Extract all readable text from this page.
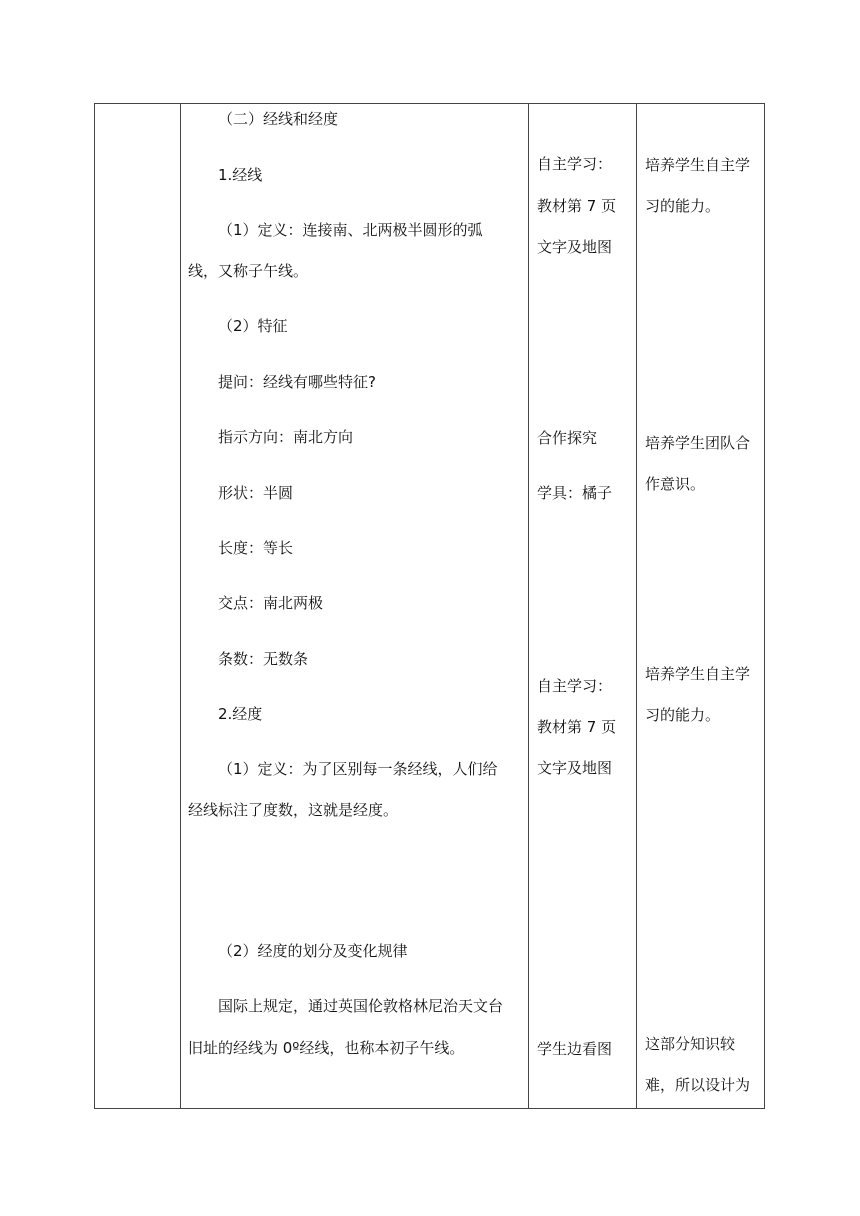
（二）经线和经度
1.经线
（1）定义：连接南、北两极半圆形的弧
线，又称子午线。
（2）特征
提问：经线有哪些特征?
指示方向：南北方向
形状：半圆
长度：等长
交点：南北两极
条数：无数条
2.经度
（1）定义：为了区别每一条经线，人们给
经线标注了度数，这就是经度。
（2）经度的划分及变化规律
国际上规定，通过英国伦敦格林尼治天文台
旧址的经线为 0º经线，也称本初子午线。
自主学习：
教材第 7 页
文字及地图
合作探究
学具：橘子
自主学习：
教材第 7 页
文字及地图
学生边看图
培养学生自主学
习的能力。
培养学生团队合
作意识。
培养学生自主学
习的能力。
这部分知识较
难，所以设计为
